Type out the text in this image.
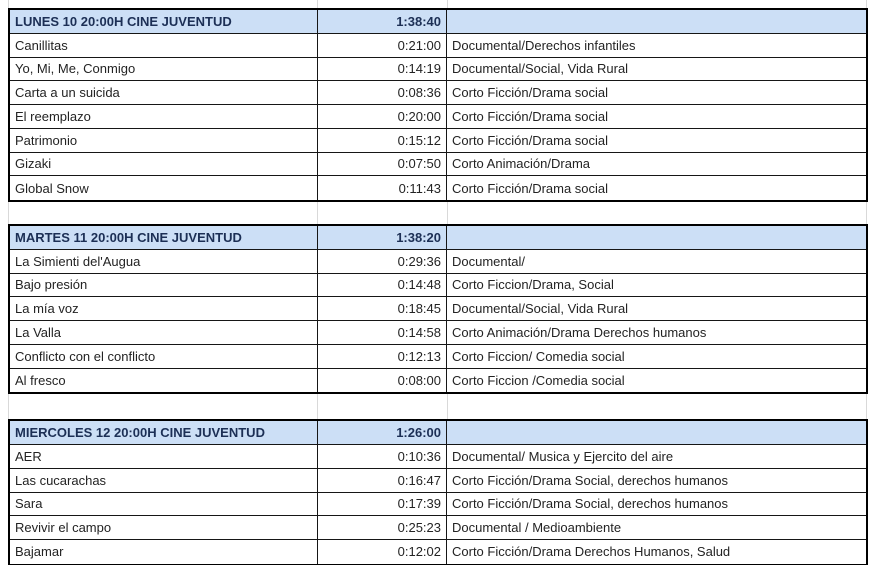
LUNES 10 20:00H CINE JUVENTUD	1:38:40
Canillitas	0:21:00 Documental/Derechos infantiles
Yo, Mi, Me, Conmigo	0:14:19 Documental/Social, Vida Rural
Carta a un suicida	0:08:36 Corto Ficción/Drama social
El reemplazo	0:20:00 Corto Ficción/Drama social
Patrimonio	0:15:12 Corto Ficción/Drama social
Gizaki	0:07:50 Corto Animación/Drama
Global Snow	0:11:43 Corto Ficción/Drama social
MARTES 11 20:00H CINE JUVENTUD	1:38:20
La Simienti del'Augua	0:29:36 Documental/
Bajo presión	0:14:48 Corto Ficcion/Drama, Social
La mía voz	0:18:45 Documental/Social, Vida Rural
La Valla	0:14:58 Corto Animación/Drama Derechos humanos
Conflicto con el conflicto	0:12:13 Corto Ficcion/ Comedia social
Al fresco	0:08:00 Corto Ficcion /Comedia social
MIERCOLES 12 20:00H CINE JUVENTUD	1:26:00
AER	0:10:36 Documental/ Musica y Ejercito del aire
Las cucarachas	0:16:47 Corto Ficción/Drama Social, derechos humanos
Sara	0:17:39 Corto Ficción/Drama Social, derechos humanos
Revivir el campo	0:25:23 Documental / Medioambiente
Bajamar	0:12:02 Corto Ficción/Drama Derechos Humanos, Salud
